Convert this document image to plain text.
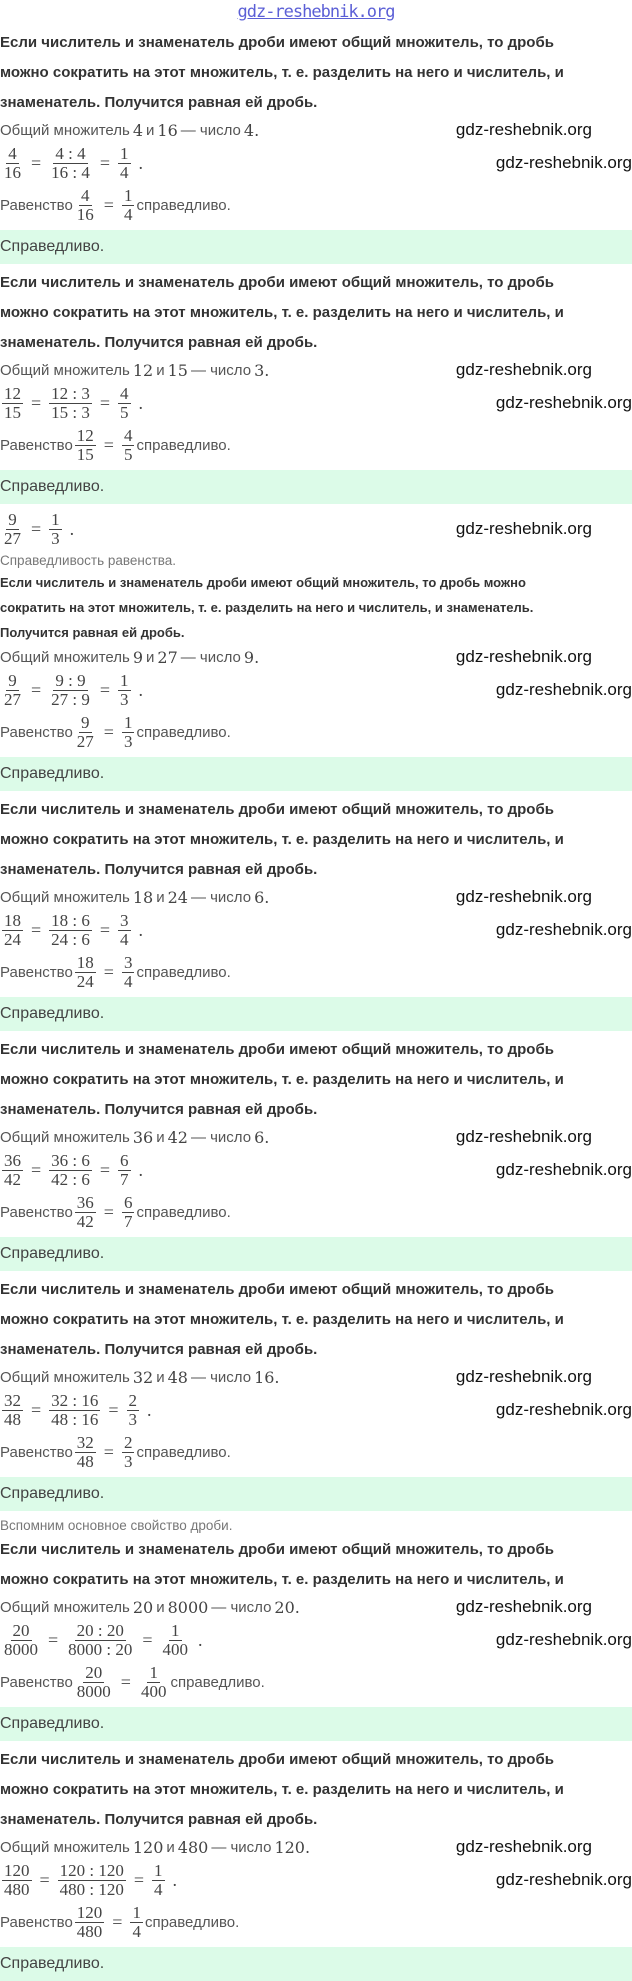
gdz-reshebnik.org
Если числитель и знаменатель дроби имеют общий множитель, то дробь
можно сократить на этот множитель, т. е. разделить на него и числитель, и
знаменатель. Получится равная ей дробь.
Общий множитель 4 и 16 — число 4.	gdz-reshebnik.org
$\frac{4}{16} = \frac{4 : 4}{16 : 4} = \frac{1}{4}$ .	gdz-reshebnik.org
Равенство $\frac{4}{16} = \frac{1}{4}$ справедливо.
Справедливо.
Если числитель и знаменатель дроби имеют общий множитель, то дробь
можно сократить на этот множитель, т. е. разделить на него и числитель, и
знаменатель. Получится равная ей дробь.
Общий множитель 12 и 15 — число 3.	gdz-reshebnik.org
$\frac{12}{15} = \frac{12 : 3}{15 : 3} = \frac{4}{5}$ .	gdz-reshebnik.org
Равенство $\frac{12}{15} = \frac{4}{5}$ справедливо.
Справедливо.
$\frac{9}{27} = \frac{1}{3}$ .	gdz-reshebnik.org
Справедливость равенства.
Если числитель и знаменатель дроби имеют общий множитель, то дробь можно
сократить на этот множитель, т. е. разделить на него и числитель, и знаменатель.
Получится равная ей дробь.
Общий множитель 9 и 27 — число 9.	gdz-reshebnik.org
$\frac{9}{27} = \frac{9 : 9}{27 : 9} = \frac{1}{3}$ .	gdz-reshebnik.org
Равенство $\frac{9}{27} = \frac{1}{3}$ справедливо.
Справедливо.
Если числитель и знаменатель дроби имеют общий множитель, то дробь
можно сократить на этот множитель, т. е. разделить на него и числитель, и
знаменатель. Получится равная ей дробь.
Общий множитель 18 и 24 — число 6.	gdz-reshebnik.org
$\frac{18}{24} = \frac{18 : 6}{24 : 6} = \frac{3}{4}$ .	gdz-reshebnik.org
Равенство $\frac{18}{24} = \frac{3}{4}$ справедливо.
Справедливо.
Если числитель и знаменатель дроби имеют общий множитель, то дробь
можно сократить на этот множитель, т. е. разделить на него и числитель, и
знаменатель. Получится равная ей дробь.
Общий множитель 36 и 42 — число 6.	gdz-reshebnik.org
$\frac{36}{42} = \frac{36 : 6}{42 : 6} = \frac{6}{7}$ .	gdz-reshebnik.org
Равенство $\frac{36}{42} = \frac{6}{7}$ справедливо.
Справедливо.
Если числитель и знаменатель дроби имеют общий множитель, то дробь
можно сократить на этот множитель, т. е. разделить на него и числитель, и
знаменатель. Получится равная ей дробь.
Общий множитель 32 и 48 — число 16.	gdz-reshebnik.org
$\frac{32}{48} = \frac{32 : 16}{48 : 16} = \frac{2}{3}$ .	gdz-reshebnik.org
Равенство $\frac{32}{48} = \frac{2}{3}$ справедливо.
Справедливо.
Вспомним основное свойство дроби.
Если числитель и знаменатель дроби имеют общий множитель, то дробь
можно сократить на этот множитель, т. е. разделить на него и числитель, и
Общий множитель 20 и 8000 — число 20.	gdz-reshebnik.org
$\frac{20}{8000} = \frac{20 : 20}{8000 : 20} = \frac{1}{400}$ .	gdz-reshebnik.org
Равенство $\frac{20}{8000} = \frac{1}{400}$ справедливо.
Справедливо.
Если числитель и знаменатель дроби имеют общий множитель, то дробь
можно сократить на этот множитель, т. е. разделить на него и числитель, и
знаменатель. Получится равная ей дробь.
Общий множитель 120 и 480 — число 120.	gdz-reshebnik.org
$\frac{120}{480} = \frac{120 : 120}{480 : 120} = \frac{1}{4}$ .	gdz-reshebnik.org
Равенство $\frac{120}{480} = \frac{1}{4}$ справедливо.
Справедливо.
